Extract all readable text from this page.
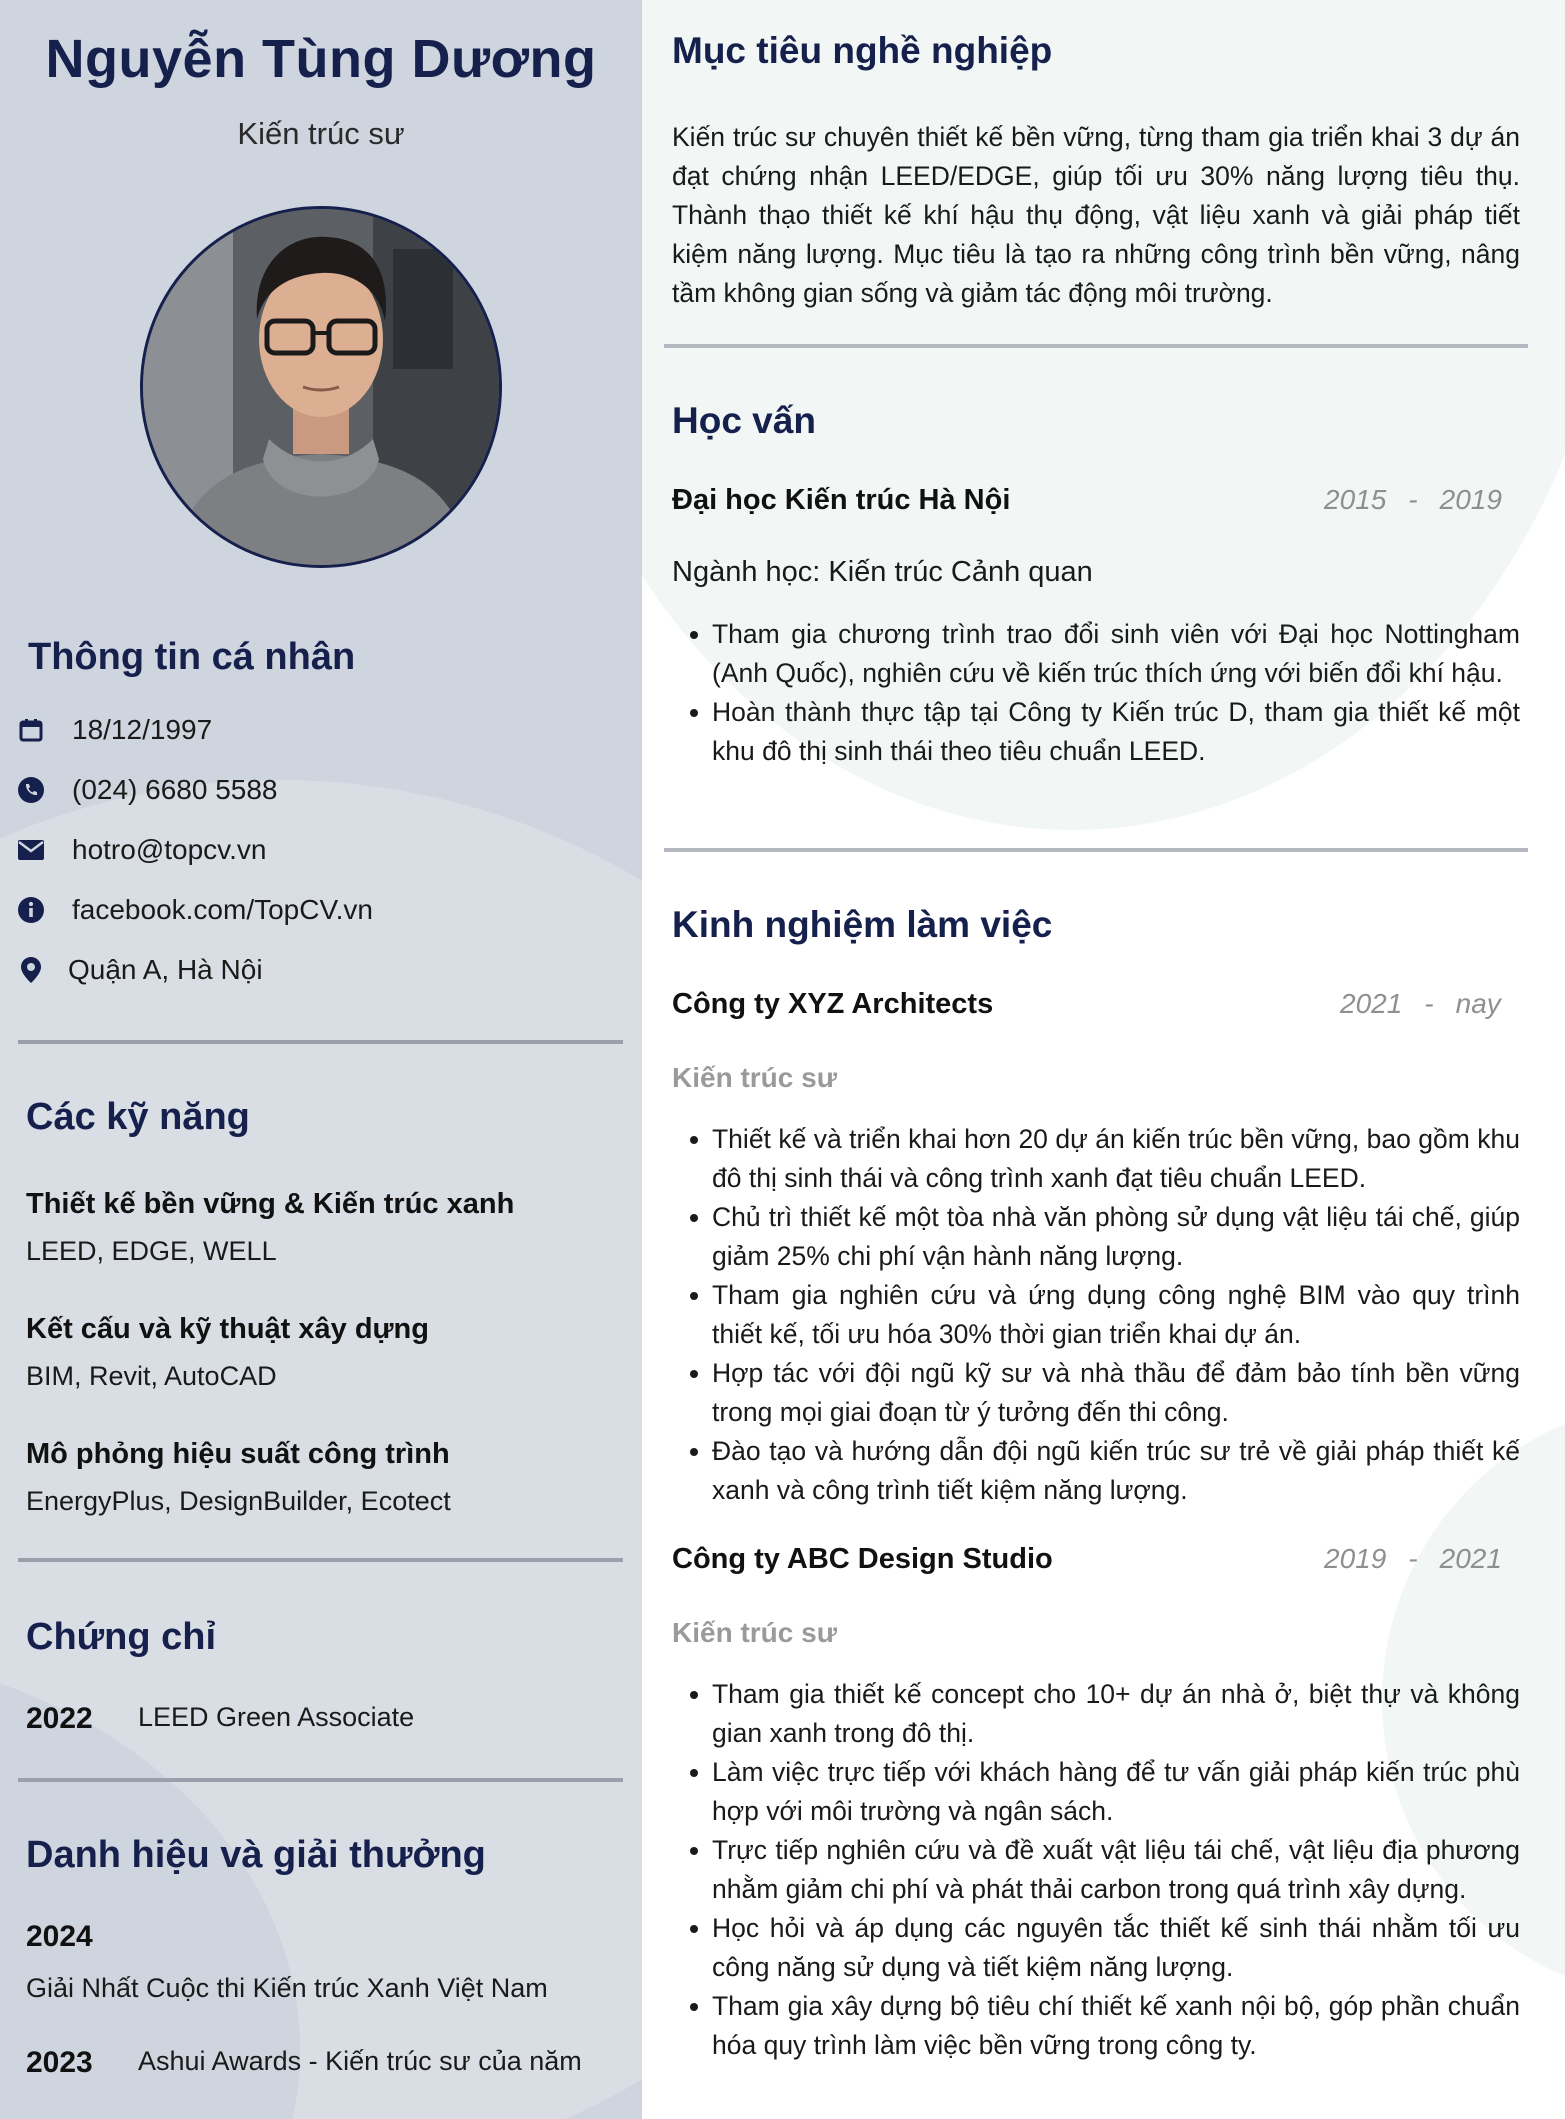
Nguyễn Tùng Dương
Kiến trúc sư
Thông tin cá nhân
18/12/1997
(024) 6680 5588
hotro@topcv.vn
facebook.com/TopCV.vn
Quận A, Hà Nội
Các kỹ năng
Thiết kế bền vững & Kiến trúc xanh
LEED, EDGE, WELL
Kết cấu và kỹ thuật xây dựng
BIM, Revit, AutoCAD
Mô phỏng hiệu suất công trình
EnergyPlus, DesignBuilder, Ecotect
Chứng chỉ
2022 LEED Green Associate
Danh hiệu và giải thưởng
2024
Giải Nhất Cuộc thi Kiến trúc Xanh Việt Nam
2023 Ashui Awards - Kiến trúc sư của năm
Mục tiêu nghề nghiệp
Kiến trúc sư chuyên thiết kế bền vững, từng tham gia triển khai 3 dự án đạt chứng nhận LEED/EDGE, giúp tối ưu 30% năng lượng tiêu thụ. Thành thạo thiết kế khí hậu thụ động, vật liệu xanh và giải pháp tiết kiệm năng lượng. Mục tiêu là tạo ra những công trình bền vững, nâng tầm không gian sống và giảm tác động môi trường.
Học vấn
Đại học Kiến trúc Hà Nội	2015 - 2019
Ngành học: Kiến trúc Cảnh quan
Tham gia chương trình trao đổi sinh viên với Đại học Nottingham (Anh Quốc), nghiên cứu về kiến trúc thích ứng với biến đổi khí hậu.
Hoàn thành thực tập tại Công ty Kiến trúc D, tham gia thiết kế một khu đô thị sinh thái theo tiêu chuẩn LEED.
Kinh nghiệm làm việc
Công ty XYZ Architects	2021 - nay
Kiến trúc sư
Thiết kế và triển khai hơn 20 dự án kiến trúc bền vững, bao gồm khu đô thị sinh thái và công trình xanh đạt tiêu chuẩn LEED.
Chủ trì thiết kế một tòa nhà văn phòng sử dụng vật liệu tái chế, giúp giảm 25% chi phí vận hành năng lượng.
Tham gia nghiên cứu và ứng dụng công nghệ BIM vào quy trình thiết kế, tối ưu hóa 30% thời gian triển khai dự án.
Hợp tác với đội ngũ kỹ sư và nhà thầu để đảm bảo tính bền vững trong mọi giai đoạn từ ý tưởng đến thi công.
Đào tạo và hướng dẫn đội ngũ kiến trúc sư trẻ về giải pháp thiết kế xanh và công trình tiết kiệm năng lượng.
Công ty ABC Design Studio	2019 - 2021
Kiến trúc sư
Tham gia thiết kế concept cho 10+ dự án nhà ở, biệt thự và không gian xanh trong đô thị.
Làm việc trực tiếp với khách hàng để tư vấn giải pháp kiến trúc phù hợp với môi trường và ngân sách.
Trực tiếp nghiên cứu và đề xuất vật liệu tái chế, vật liệu địa phương nhằm giảm chi phí và phát thải carbon trong quá trình xây dựng.
Học hỏi và áp dụng các nguyên tắc thiết kế sinh thái nhằm tối ưu công năng sử dụng và tiết kiệm năng lượng.
Tham gia xây dựng bộ tiêu chí thiết kế xanh nội bộ, góp phần chuẩn hóa quy trình làm việc bền vững trong công ty.
